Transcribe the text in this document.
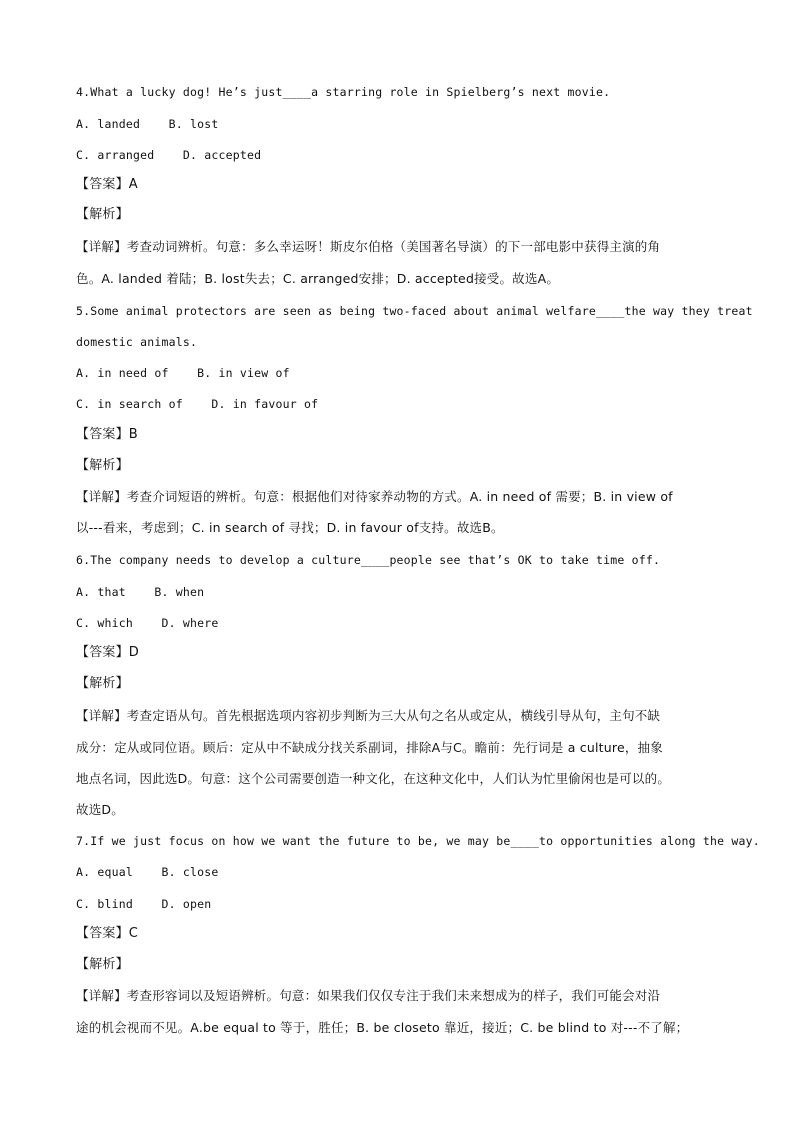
4.What a lucky dog! He’s just____a starring role in Spielberg’s next movie.
A. landed    B. lost
C. arranged    D. accepted
【答案】A
【解析】
【详解】考查动词辨析。句意：多么幸运呀！斯皮尔伯格（美国著名导演）的下一部电影中获得主演的角
色。A. landed 着陆；B. lost失去；C. arranged安排；D. accepted接受。故选A。
5.Some animal protectors are seen as being two-faced about animal welfare____the way they treat
domestic animals.
A. in need of    B. in view of
C. in search of    D. in favour of
【答案】B
【解析】
【详解】考查介词短语的辨析。句意：根据他们对待家养动物的方式。A. in need of 需要；B. in view of
以---看来，考虑到；C. in search of 寻找；D. in favour of支持。故选B。
6.The company needs to develop a culture____people see that’s OK to take time off.
A. that    B. when
C. which    D. where
【答案】D
【解析】
【详解】考查定语从句。首先根据选项内容初步判断为三大从句之名从或定从，横线引导从句，主句不缺
成分：定从或同位语。顾后：定从中不缺成分找关系副词，排除A与C。瞻前：先行词是 a culture，抽象
地点名词，因此选D。句意：这个公司需要创造一种文化，在这种文化中，人们认为忙里偷闲也是可以的。
故选D。
7.If we just focus on how we want the future to be, we may be____to opportunities along the way.
A. equal    B. close
C. blind    D. open
【答案】C
【解析】
【详解】考查形容词以及短语辨析。句意：如果我们仅仅专注于我们未来想成为的样子，我们可能会对沿
途的机会视而不见。A.be equal to 等于，胜任；B. be closeto 靠近，接近；C. be blind to 对---不了解；
